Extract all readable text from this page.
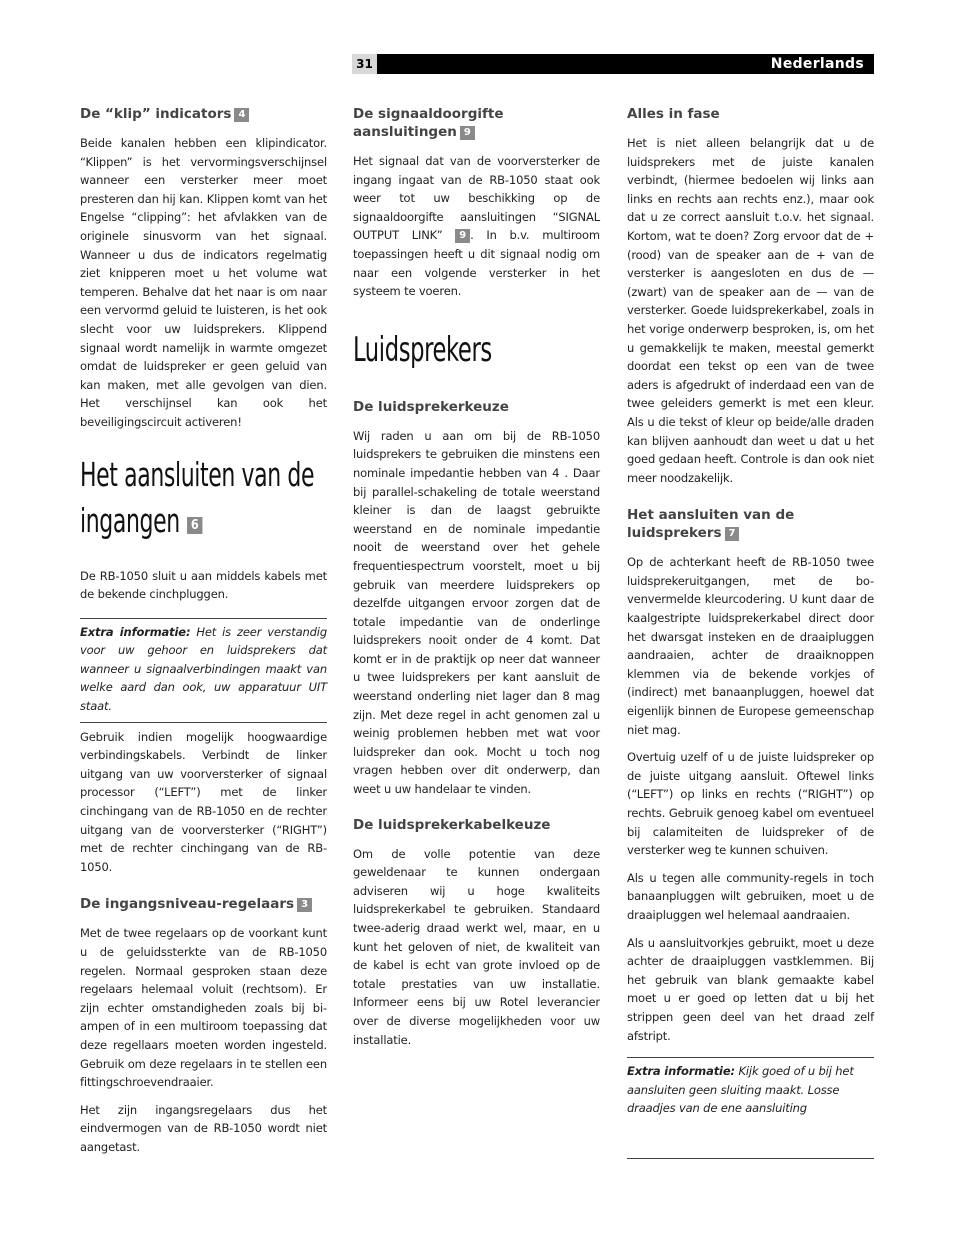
31	Nederlands
De “klip” indicators 4

Beide kanalen hebben een klipindicator. “Klippen” is het vervormingsverschijnsel wanneer een versterker meer moet presteren dan hij kan. Klippen komt van het Engelse “clipping”: het afvlakken van de originele sinusvorm van het signaal. Wanneer u dus de indicators regelmatig ziet knipperen moet u het volume wat temperen. Behalve dat het naar is om naar een vervormd geluid te luisteren, is het ook slecht voor uw luidsprekers. Klippend signaal wordt namelijk in warmte omgezet omdat de luidspreker er geen geluid van kan maken, met alle gevolgen van dien. Het verschijnsel kan ook het beveiligingscircuit activeren!

Het aansluiten van de
ingangen 6

De RB-1050 sluit u aan middels kabels met de bekende cinchpluggen.

Extra informatie: Het is zeer verstandig voor uw gehoor en luidsprekers dat wanneer u signaalverbindingen maakt van welke aard dan ook, uw apparatuur UIT staat.

Gebruik indien mogelijk hoogwaardige verbindingskabels. Verbindt de linker uitgang van uw voorversterker of signaal processor (“LEFT”) met de linker cinchingang van de RB-1050 en de rechter uitgang van de voorversterker (“RIGHT”) met de rechter cinchingang van de RB-1050.

De ingangsniveau-regelaars 3

Met de twee regelaars op de voorkant kunt u de geluidssterkte van de RB-1050 regelen. Normaal gesproken staan deze regelaars helemaal voluit (rechtsom). Er zijn echter omstandigheden zoals bij bi-ampen of in een multiroom toepassing dat deze regellaars moeten worden ingesteld. Gebruik om deze regelaars in te stellen een fittingschroevendraaier.

Het zijn ingangsregelaars dus het eindvermogen van de RB-1050 wordt niet aangetast.

De signaaldoorgifte aansluitingen 9

Het signaal dat van de voorversterker de ingang ingaat van de RB-1050 staat ook weer tot uw beschikking op de signaaldoorgifte aansluitingen “SIGNAL OUTPUT LINK” 9 . In b.v. multiroom toepassingen heeft u dit signaal nodig om naar een volgende versterker in het systeem te voeren.

Luidsprekers
De luidsprekerkeuze

Wij raden u aan om bij de RB-1050 luidsprekers te gebruiken die minstens een nominale impedantie hebben van 4 . Daar bij parallel-schakeling de totale weerstand kleiner is dan de laagst gebruikte weerstand en de nominale impedantie nooit de weerstand over het gehele frequentiespectrum voorstelt, moet u bij gebruik van meerdere luidsprekers op dezelfde uitgangen ervoor zorgen dat de totale impedantie van de onderlinge luidsprekers nooit onder de 4 komt. Dat komt er in de praktijk op neer dat wanneer u twee luidsprekers per kant aansluit de weerstand onderling niet lager dan 8 mag zijn. Met deze regel in acht genomen zal u weinig problemen hebben met wat voor luidspreker dan ook. Mocht u toch nog vragen hebben over dit onderwerp, dan weet u uw handelaar te vinden.

De luidsprekerkabelkeuze

Om de volle potentie van deze geweldenaar te kunnen ondergaan adviseren wij u hoge kwaliteits luidsprekerkabel te gebruiken. Standaard twee-aderig draad werkt wel, maar, en u kunt het geloven of niet, de kwaliteit van de kabel is echt van grote invloed op de totale prestaties van uw installatie. Informeer eens bij uw Rotel leverancier over de diverse mogelijkheden voor uw installatie.

Alles in fase

Het is niet alleen belangrijk dat u de luidsprekers met de juiste kanalen verbindt, (hiermee bedoelen wij links aan links en rechts aan rechts enz.), maar ook dat u ze correct aansluit t.o.v. het signaal. Kortom, wat te doen? Zorg ervoor dat de + (rood) van de speaker aan de + van de versterker is aangesloten en dus de — (zwart) van de speaker aan de — van de versterker. Goede luidsprekerkabel, zoals in het vorige onderwerp besproken, is, om het u gemakkelijk te maken, meestal gemerkt doordat een tekst op een van de twee aders is afgedrukt of inderdaad een van de twee geleiders gemerkt is met een kleur. Als u die tekst of kleur op beide/alle draden kan blijven aanhoudt dan weet u dat u het goed gedaan heeft. Controle is dan ook niet meer noodzakelijk.

Het aansluiten van de luidsprekers 7

Op de achterkant heeft de RB-1050 twee luidsprekeruitgangen, met de bo-venvermelde kleurcodering. U kunt daar de kaalgestripte luidsprekerkabel direct door het dwarsgat insteken en de draaipluggen aandraaien, achter de draaiknoppen klemmen via de bekende vorkjes of (indirect) met banaanpluggen, hoewel dat eigenlijk binnen de Europese gemeenschap niet mag.

Overtuig uzelf of u de juiste luidspreker op de juiste uitgang aansluit. Oftewel links (“LEFT”) op links en rechts (“RIGHT”) op rechts. Gebruik genoeg kabel om eventueel bij calamiteiten de luidspreker of de versterker weg te kunnen schuiven.

Als u tegen alle community-regels in toch banaanpluggen wilt gebruiken, moet u de draaipluggen wel helemaal aandraaien.

Als u aansluitvorkjes gebruikt, moet u deze achter de draaipluggen vastklemmen. Bij het gebruik van blank gemaakte kabel moet u er goed op letten dat u bij het strippen geen deel van het draad zelf afstript.

Extra informatie: Kijk goed of u bij het aansluiten geen sluiting maakt. Losse draadjes van de ene aansluiting
